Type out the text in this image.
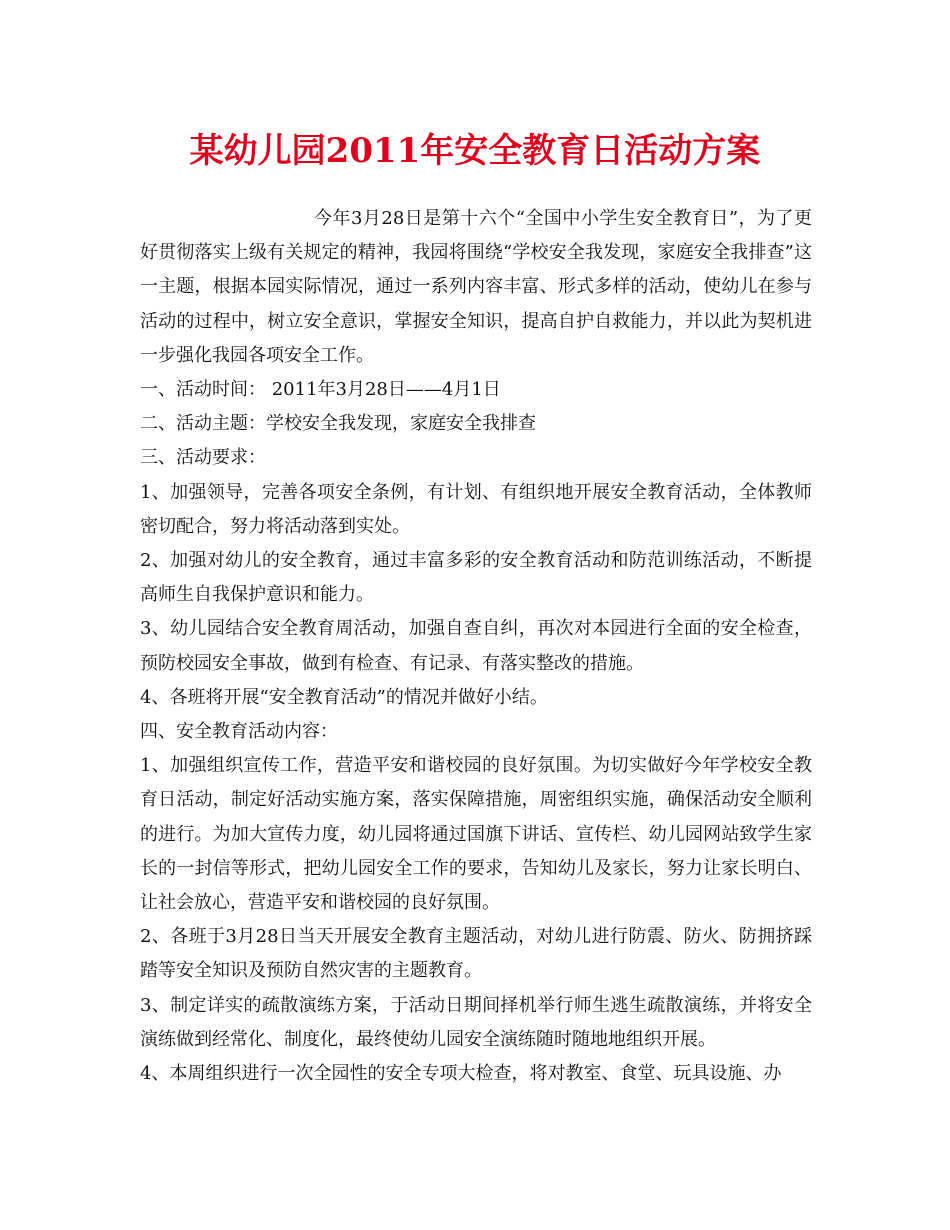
某幼儿园2011年安全教育日活动方案

今年3月28日是第十六个“全国中小学生安全教育日”，为了更好贯彻落实上级有关规定的精神，我园将围绕“学校安全我发现，家庭安全我排查”这一主题，根据本园实际情况，通过一系列内容丰富、形式多样的活动，使幼儿在参与活动的过程中，树立安全意识，掌握安全知识，提高自护自救能力，并以此为契机进一步强化我园各项安全工作。

一、活动时间： 2011年3月28日——4月1日

二、活动主题：学校安全我发现，家庭安全我排查

三、活动要求：

1、加强领导，完善各项安全条例，有计划、有组织地开展安全教育活动，全体教师密切配合，努力将活动落到实处。

2、加强对幼儿的安全教育，通过丰富多彩的安全教育活动和防范训练活动，不断提高师生自我保护意识和能力。

3、幼儿园结合安全教育周活动，加强自查自纠，再次对本园进行全面的安全检查，预防校园安全事故，做到有检查、有记录、有落实整改的措施。

4、各班将开展“安全教育活动”的情况并做好小结。

四、安全教育活动内容：

1、加强组织宣传工作，营造平安和谐校园的良好氛围。为切实做好今年学校安全教育日活动，制定好活动实施方案，落实保障措施，周密组织实施，确保活动安全顺利的进行。为加大宣传力度，幼儿园将通过国旗下讲话、宣传栏、幼儿园网站致学生家长的一封信等形式，把幼儿园安全工作的要求，告知幼儿及家长，努力让家长明白、让社会放心，营造平安和谐校园的良好氛围。

2、各班于3月28日当天开展安全教育主题活动，对幼儿进行防震、防火、防拥挤踩踏等安全知识及预防自然灾害的主题教育。

3、制定详实的疏散演练方案，于活动日期间择机举行师生逃生疏散演练，并将安全演练做到经常化、制度化，最终使幼儿园安全演练随时随地地组织开展。

4、本周组织进行一次全园性的安全专项大检查，将对教室、食堂、玩具设施、办
